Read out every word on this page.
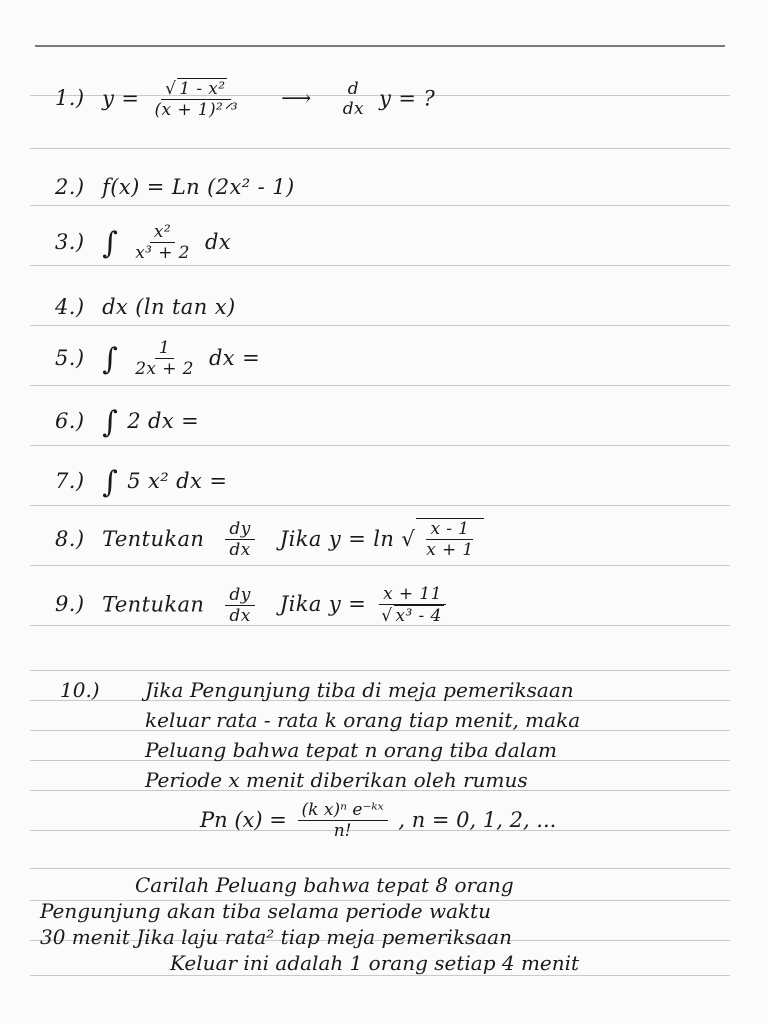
1.) $y = \frac{\text{√ 1 - x²}}{\text{(x + 1)²ᐟ³}}$ ⟶ d
dx y = ?
2.) f(x) = Ln (2x² - 1)
3.) ∫ $\frac{\text{x²}}{\text{x³ + 2}}$ dx
4.) dx (ln tan x)
5.) ∫ $\frac{1}{2x + 2}$ dx =
6.) ∫ 2 dx =
7.) ∫ 5 x² dx =
8.) Tentukan $\frac{dy}{dx}$ Jika y = ln √ $\frac{x - 1}{x + 1}$
9.) Tentukan $\frac{dy}{dx}$ Jika $y = \frac{x + 11}{\text{√ x³ - 4}}$
10.) Jika Pengunjung tiba di meja pemeriksaan
keluar rata - rata k orang tiap menit, maka
Peluang bahwa tepat n orang tiba dalam
Periode x menit diberikan oleh rumus
Pn $(x) = \frac{\text{(k x)ⁿ e⁻ᵏˣ}}{n!}$ , n = 0, 1, 2, ...
Carilah Peluang bahwa tepat 8 orang
Pengunjung akan tiba selama periode waktu
30 menit Jika laju rata² tiap meja pemeriksaan
Keluar ini adalah 1 orang setiap 4 menit
